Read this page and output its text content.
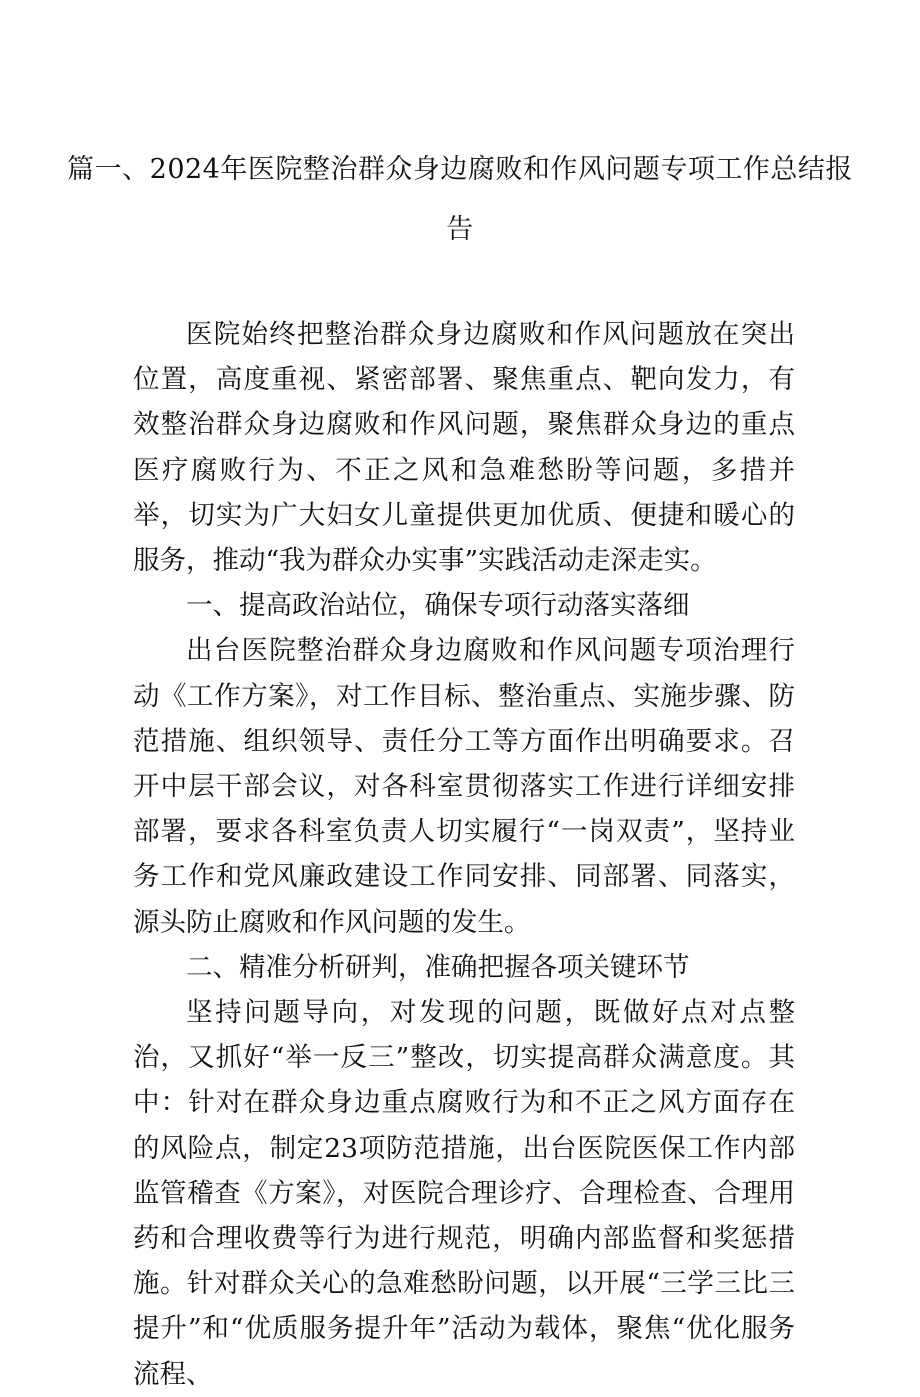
篇一、2024年医院整治群众身边腐败和作风问题专项工作总结报
告

医院始终把整治群众身边腐败和作风问题放在突出位置，高度重视、紧密部署、聚焦重点、靶向发力，有效整治群众身边腐败和作风问题，聚焦群众身边的重点医疗腐败行为、不正之风和急难愁盼等问题，多措并举，切实为广大妇女儿童提供更加优质、便捷和暖心的服务，推动“我为群众办实事”实践活动走深走实。

一、提高政治站位，确保专项行动落实落细

出台医院整治群众身边腐败和作风问题专项治理行动《工作方案》，对工作目标、整治重点、实施步骤、防范措施、组织领导、责任分工等方面作出明确要求。召开中层干部会议，对各科室贯彻落实工作进行详细安排部署，要求各科室负责人切实履行“一岗双责”，坚持业务工作和党风廉政建设工作同安排、同部署、同落实，源头防止腐败和作风问题的发生。

二、精准分析研判，准确把握各项关键环节

坚持问题导向，对发现的问题，既做好点对点整治，又抓好“举一反三”整改，切实提高群众满意度。其中：针对在群众身边重点腐败行为和不正之风方面存在的风险点，制定23项防范措施，出台医院医保工作内部监管稽查《方案》，对医院合理诊疗、合理检查、合理用药和合理收费等行为进行规范，明确内部监督和奖惩措施。针对群众关心的急难愁盼问题，以开展“三学三比三提升”和“优质服务提升年”活动为载体，聚焦“优化服务流程、
